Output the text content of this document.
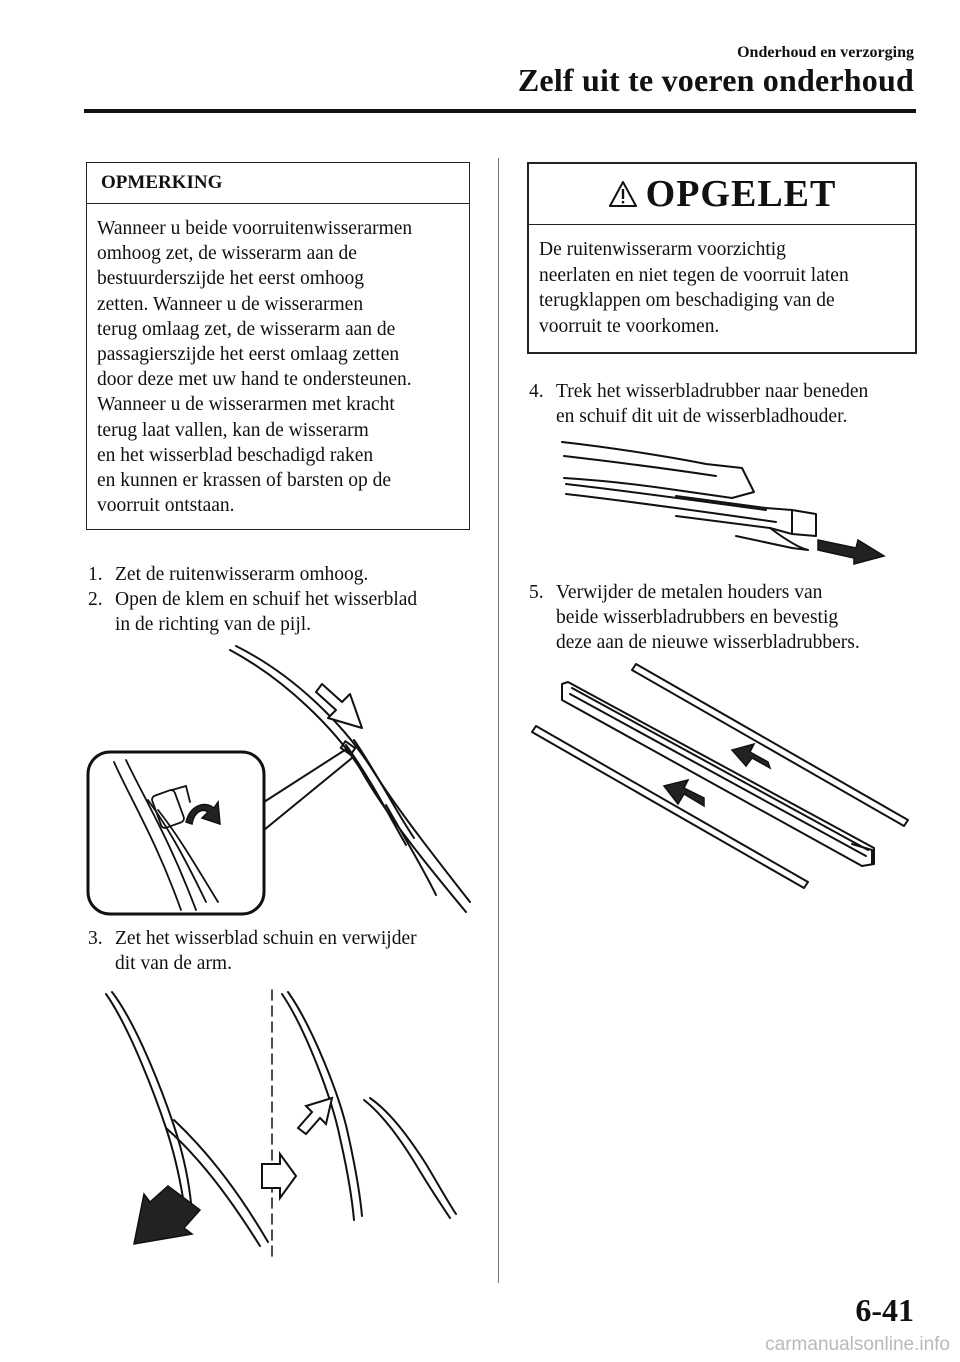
Onderhoud en verzorging
Zelf uit te voeren onderhoud
OPMERKING
Wanneer u beide voorruitenwisserarmen
omhoog zet, de wisserarm aan de
bestuurderszijde het eerst omhoog
zetten. Wanneer u de wisserarmen
terug omlaag zet, de wisserarm aan de
passagierszijde het eerst omlaag zetten
door deze met uw hand te ondersteunen.
Wanneer u de wisserarmen met kracht
terug laat vallen, kan de wisserarm
en het wisserblad beschadigd raken
en kunnen er krassen of barsten op de
voorruit ontstaan.
1. Zet de ruitenwisserarm omhoog.
2. Open de klem en schuif het wisserblad
in de richting van de pijl.
3. Zet het wisserblad schuin en verwijder
dit van de arm.
OPGELET
De ruitenwisserarm voorzichtig
neerlaten en niet tegen de voorruit laten
terugklappen om beschadiging van de
voorruit te voorkomen.
4. Trek het wisserbladrubber naar beneden
en schuif dit uit de wisserbladhouder.
5. Verwijder de metalen houders van
beide wisserbladrubbers en bevestig
deze aan de nieuwe wisserbladrubbers.
6-41
carmanualsonline.info
